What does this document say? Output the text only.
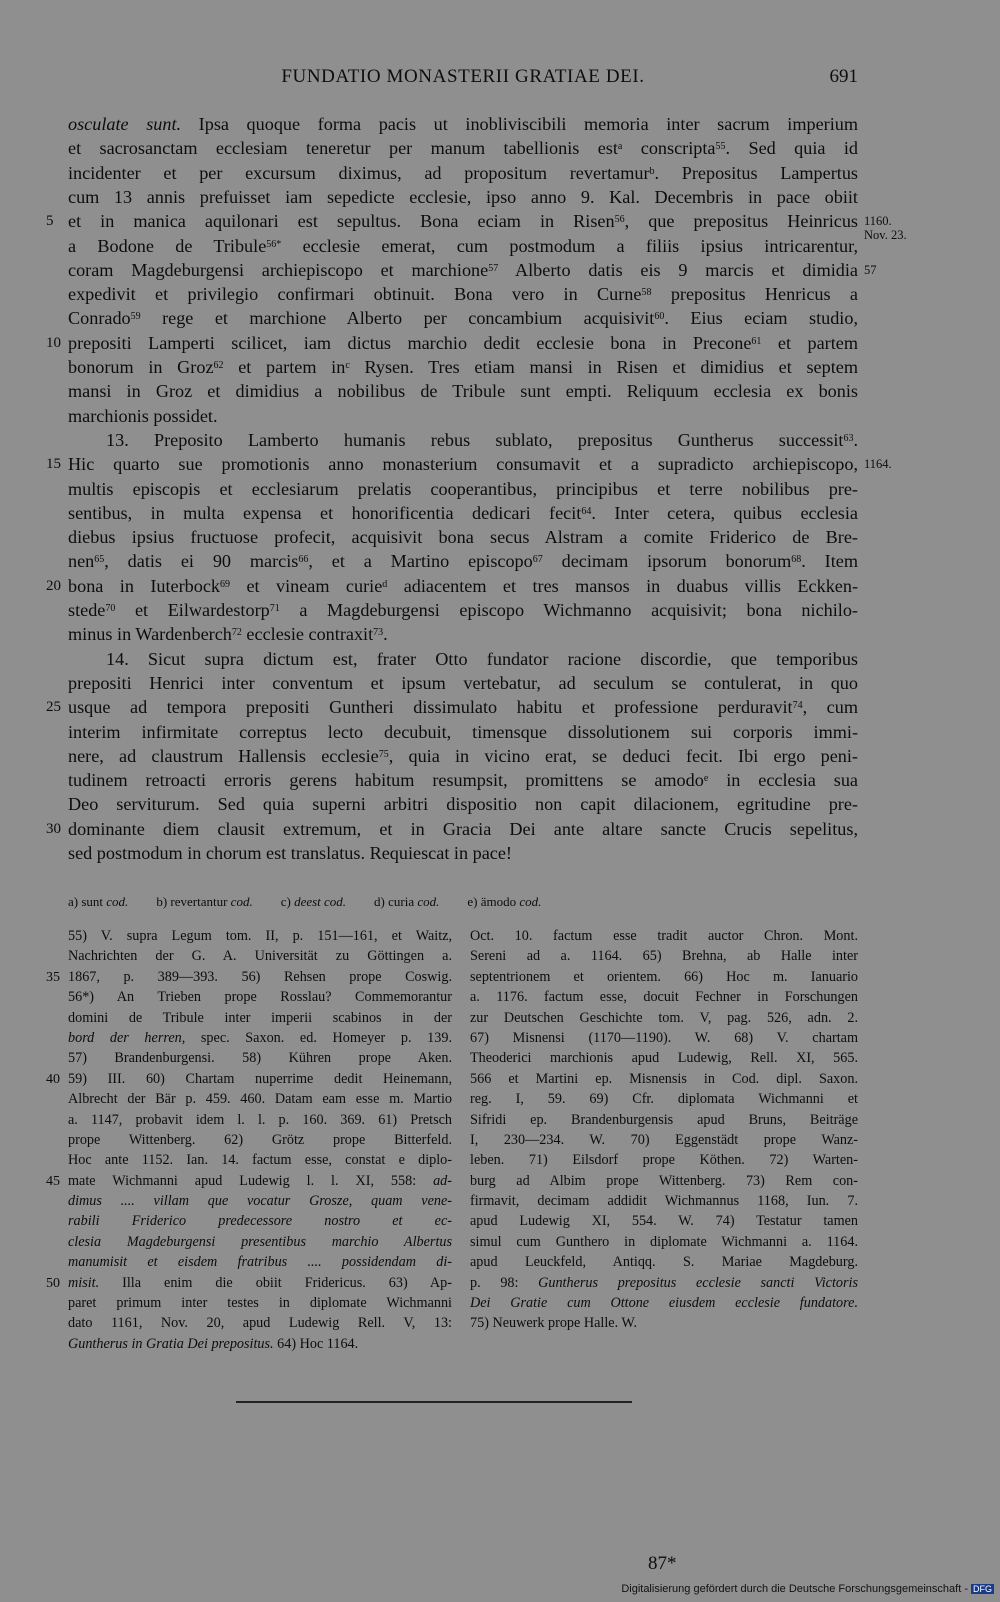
FUNDATIO MONASTERII GRATIAE DEI.	691
osculate sunt. Ipsa quoque forma pacis ut inobliviscibili memoria inter sacrum imperium
et sacrosanctam ecclesiam teneretur per manum tabellionis est$^a$ conscripta$^{55}$. Sed quia id
incidenter et per excursum diximus, ad propositum revertamur$^b$. Prepositus Lampertus
cum 13 annis prefuisset iam sepedicte ecclesie, ipso anno 9. Kal. Decembris in pace obiit
et in manica aquilonari est sepultus. Bona eciam in Risen$^{56}$, que prepositus Heinricus
a Bodone de Tribule$^{56*}$ ecclesie emerat, cum postmodum a filiis ipsius intricarentur,
coram Magdeburgensi archiepiscopo et marchione$^{57}$ Alberto datis eis 9 marcis et dimidia
expedivit et privilegio confirmari obtinuit. Bona vero in Curne$^{58}$ prepositus Henricus a
Conrado$^{59}$ rege et marchione Alberto per concambium acquisivit$^{60}$. Eius eciam studio,
prepositi Lamperti scilicet, iam dictus marchio dedit ecclesie bona in Precone$^{61}$ et partem
bonorum in Groz$^{62}$ et partem $in^c$ Rysen. Tres etiam mansi in Risen et dimidius et septem
mansi in Groz et dimidius a nobilibus de Tribule sunt empti. Reliquum ecclesia ex bonis
marchionis possidet.
13. Preposito Lamberto humanis rebus sublato, prepositus Guntherus successit$^{63}$.
Hic quarto sue promotionis anno monasterium consumavit et a supradicto archiepiscopo,
multis episcopis et ecclesiarum prelatis cooperantibus, principibus et terre nobilibus pre-
sentibus, in multa expensa et honorificentia dedicari fecit$^{64}$. Inter cetera, quibus ecclesia
diebus ipsius fructuose profecit, acquisivit bona secus Alstram a comite Friderico de Bre-
nen$^{65}$, datis ei 90 marcis$^{66}$, et a Martino episcopo$^{67}$ decimam ipsorum bonorum$^{68}$. Item
bona in Iuterbock$^{69}$ et vineam curie$^d$ adiacentem et tres mansos in duabus villis Eckken-
stede$^{70}$ et Eilwardestorp$^{71}$ a Magdeburgensi episcopo Wichmanno acquisivit; bona nichilo-
minus in Wardenberch$^{72}$ ecclesie contraxit$^{73}$.
14. Sicut supra dictum est, frater Otto fundator racione discordie, que temporibus
prepositi Henrici inter conventum et ipsum vertebatur, ad seculum se contulerat, in quo
usque ad tempora prepositi Guntheri dissimulato habitu et professione perduravit$^{74}$, cum
interim infirmitate correptus lecto decubuit, timensque dissolutionem sui corporis immi-
nere, ad claustrum Hallensis ecclesie$^{75}$, quia in vicino erat, se deduci fecit. Ibi ergo peni-
tudinem retroacti erroris gerens habitum resumpsit, promittens se amodo$^e$ in ecclesia sua
Deo serviturum. Sed quia superni arbitri dispositio non capit dilacionem, egritudine pre-
dominante diem clausit extremum, et in Gracia Dei ante altare sancte Crucis sepelitus,
sed postmodum in chorum est translatus. Requiescat in pace!
5
10
15
20
25
30
1160.
Nov. 23.
57
1164.
a) sunt cod. b) revertantur cod. c) deest cod. d) curia cod. e) ämodo cod.
55) V. supra Legum tom. II, p. 151—161, et Waitz,
Nachrichten der G. A. Universität zu Göttingen a.
1867, p. 389—393. 56) Rehsen prope Coswig.
56*) An Trieben prope Rosslau? Commemorantur
domini de Tribule inter imperii scabinos in der
bord der herren, spec. Saxon. ed. Homeyer p. 139.
57) Brandenburgensi. 58) Kühren prope Aken.
59) III. 60) Chartam nuperrime dedit Heinemann,
Albrecht der Bär p. 459. 460. Datam eam esse m. Martio
a. 1147, probavit idem l. l. p. 160. 369. 61) Pretsch
prope Wittenberg. 62) Grötz prope Bitterfeld.
Hoc ante 1152. Ian. 14. factum esse, constat e diplo-
mate Wichmanni apud Ludewig l. l. XI, 558: ad-
dimus .... villam que vocatur Grosze, quam vene-
rabili Friderico predecessore nostro et ec-
clesia Magdeburgensi presentibus marchio Albertus
manumisit et eisdem fratribus .... possidendam di-
misit. Illa enim die obiit Fridericus. 63) Ap-
paret primum inter testes in diplomate Wichmanni
dato 1161, Nov. 20, apud Ludewig Rell. V, 13:
Guntherus in Gratia Dei prepositus. 64) Hoc 1164.
Oct. 10. factum esse tradit auctor Chron. Mont.
Sereni ad a. 1164. 65) Brehna, ab Halle inter
septentrionem et orientem. 66) Hoc m. Ianuario
a. 1176. factum esse, docuit Fechner in Forschungen
zur Deutschen Geschichte tom. V, pag. 526, adn. 2.
67) Misnensi (1170—1190). W. 68) V. chartam
Theoderici marchionis apud Ludewig, Rell. XI, 565.
566 et Martini ep. Misnensis in Cod. dipl. Saxon.
reg. I, 59. 69) Cfr. diplomata Wichmanni et
Sifridi ep. Brandenburgensis apud Bruns, Beiträge
I, 230—234. W. 70) Eggenstädt prope Wanz-
leben. 71) Eilsdorf prope Köthen. 72) Warten-
burg ad Albim prope Wittenberg. 73) Rem con-
firmavit, decimam addidit Wichmannus 1168, Iun. 7.
apud Ludewig XI, 554. W. 74) Testatur tamen
simul cum Gunthero in diplomate Wichmanni a. 1164.
apud Leuckfeld, Antiqq. S. Mariae Magdeburg.
p. 98: Guntherus prepositus ecclesie sancti Victoris
Dei Gratie cum Ottone eiusdem ecclesie fundatore.
75) Neuwerk prope Halle. W.
35
40
45
50
87*
Digitalisierung gefördert durch die Deutsche Forschungsgemeinschaft - DFG
